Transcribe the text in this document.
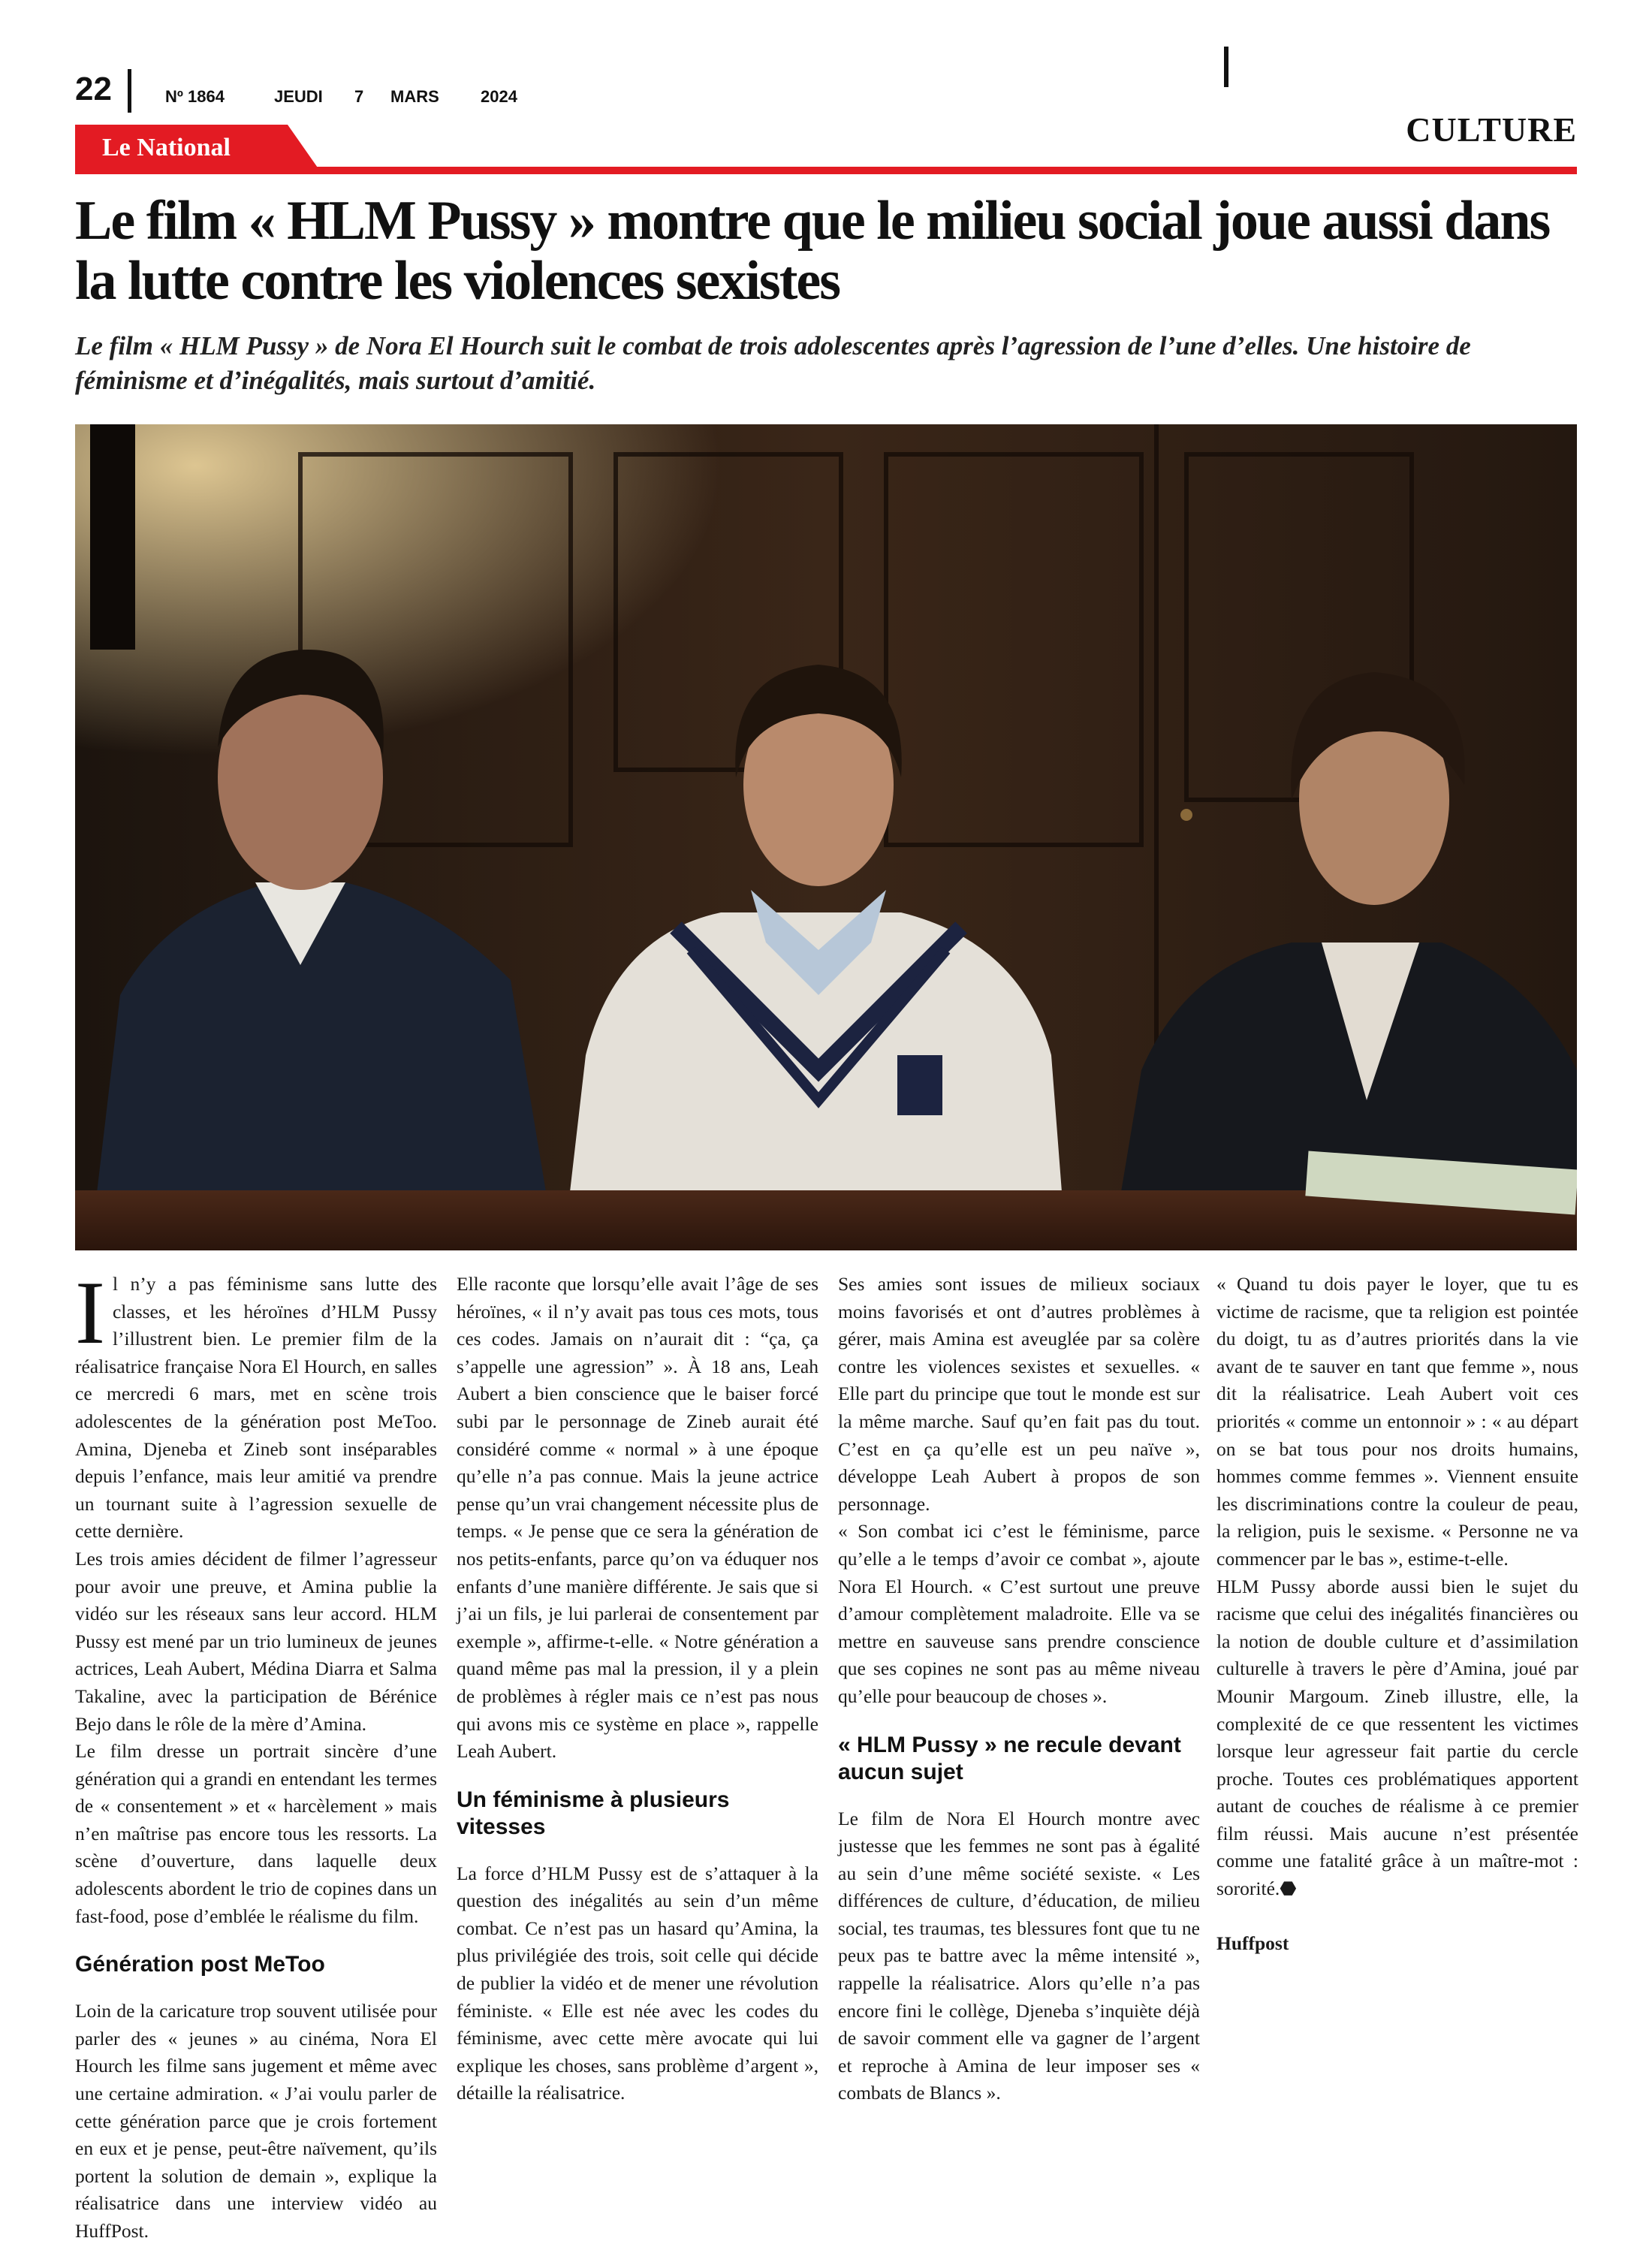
22	Nº 1864	JEUDI 7 MARS	2024
CULTURE
Le National
Le film « HLM Pussy » montre que le milieu social joue aussi dans la lutte contre les violences sexistes

Le film « HLM Pussy » de Nora El Hourch suit le combat de trois adolescentes après l’agression de l’une d’elles. Une histoire de féminisme et d’inégalités, mais surtout d’amitié.

Il n’y a pas féminisme sans lutte des classes, et les héroïnes d’HLM Pussy l’illustrent bien. Le premier film de la réalisatrice française Nora El Hourch, en salles ce mercredi 6 mars, met en scène trois adolescentes de la génération post MeToo. Amina, Djeneba et Zineb sont inséparables depuis l’enfance, mais leur amitié va prendre un tournant suite à l’agression sexuelle de cette dernière.

Les trois amies décident de filmer l’agresseur pour avoir une preuve, et Amina publie la vidéo sur les réseaux sans leur accord. HLM Pussy est mené par un trio lumineux de jeunes actrices, Leah Aubert, Médina Diarra et Salma Takaline, avec la participation de Bérénice Bejo dans le rôle de la mère d’Amina.

Le film dresse un portrait sincère d’une génération qui a grandi en entendant les termes de « consentement » et « harcèlement » mais n’en maîtrise pas encore tous les ressorts. La scène d’ouverture, dans laquelle deux adolescents abordent le trio de copines dans un fast-food, pose d’emblée le réalisme du film.

Génération post MeToo

Loin de la caricature trop souvent utilisée pour parler des « jeunes » au cinéma, Nora El Hourch les filme sans jugement et même avec une certaine admiration. « J’ai voulu parler de cette génération parce que je crois fortement en eux et je pense, peut-être naïvement, qu’ils portent la solution de demain », explique la réalisatrice dans une interview vidéo au HuffPost.

Elle raconte que lorsqu’elle avait l’âge de ses héroïnes, « il n’y avait pas tous ces mots, tous ces codes. Jamais on n’aurait dit : “ça, ça s’appelle une agression” ». À 18 ans, Leah Aubert a bien conscience que le baiser forcé subi par le personnage de Zineb aurait été considéré comme « normal » à une époque qu’elle n’a pas connue. Mais la jeune actrice pense qu’un vrai changement nécessite plus de temps. « Je pense que ce sera la génération de nos petits-enfants, parce qu’on va éduquer nos enfants d’une manière différente. Je sais que si j’ai un fils, je lui parlerai de consentement par exemple », affirme-t-elle. « Notre génération a quand même pas mal la pression, il y a plein de problèmes à régler mais ce n’est pas nous qui avons mis ce système en place », rappelle Leah Aubert.

Un féminisme à plusieurs vitesses

La force d’HLM Pussy est de s’attaquer à la question des inégalités au sein d’un même combat. Ce n’est pas un hasard qu’Amina, la plus privilégiée des trois, soit celle qui décide de publier la vidéo et de mener une révolution féministe. « Elle est née avec les codes du féminisme, avec cette mère avocate qui lui explique les choses, sans problème d’argent », détaille la réalisatrice.

Ses amies sont issues de milieux sociaux moins favorisés et ont d’autres problèmes à gérer, mais Amina est aveuglée par sa colère contre les violences sexistes et sexuelles. « Elle part du principe que tout le monde est sur la même marche. Sauf qu’en fait pas du tout. C’est en ça qu’elle est un peu naïve », développe Leah Aubert à propos de son personnage.

« Son combat ici c’est le féminisme, parce qu’elle a le temps d’avoir ce combat », ajoute Nora El Hourch. « C’est surtout une preuve d’amour complètement maladroite. Elle va se mettre en sauveuse sans prendre conscience que ses copines ne sont pas au même niveau qu’elle pour beaucoup de choses ».

« HLM Pussy » ne recule devant aucun sujet

Le film de Nora El Hourch montre avec justesse que les femmes ne sont pas à égalité au sein d’une même société sexiste. « Les différences de culture, d’éducation, de milieu social, tes traumas, tes blessures font que tu ne peux pas te battre avec la même intensité », rappelle la réalisatrice. Alors qu’elle n’a pas encore fini le collège, Djeneba s’inquiète déjà de savoir comment elle va gagner de l’argent et reproche à Amina de leur imposer ses « combats de Blancs ».

« Quand tu dois payer le loyer, que tu es victime de racisme, que ta religion est pointée du doigt, tu as d’autres priorités dans la vie avant de te sauver en tant que femme », nous dit la réalisatrice. Leah Aubert voit ces priorités « comme un entonnoir » : « au départ on se bat tous pour nos droits humains, hommes comme femmes ». Viennent ensuite les discriminations contre la couleur de peau, la religion, puis le sexisme. « Personne ne va commencer par le bas », estime-t-elle.

HLM Pussy aborde aussi bien le sujet du racisme que celui des inégalités financières ou la notion de double culture et d’assimilation culturelle à travers le père d’Amina, joué par Mounir Margoum. Zineb illustre, elle, la complexité de ce que ressentent les victimes lorsque leur agresseur fait partie du cercle proche. Toutes ces problématiques apportent autant de couches de réalisme à ce premier film réussi. Mais aucune n’est présentée comme une fatalité grâce à un maître-mot : sororité.⬣

Huffpost
